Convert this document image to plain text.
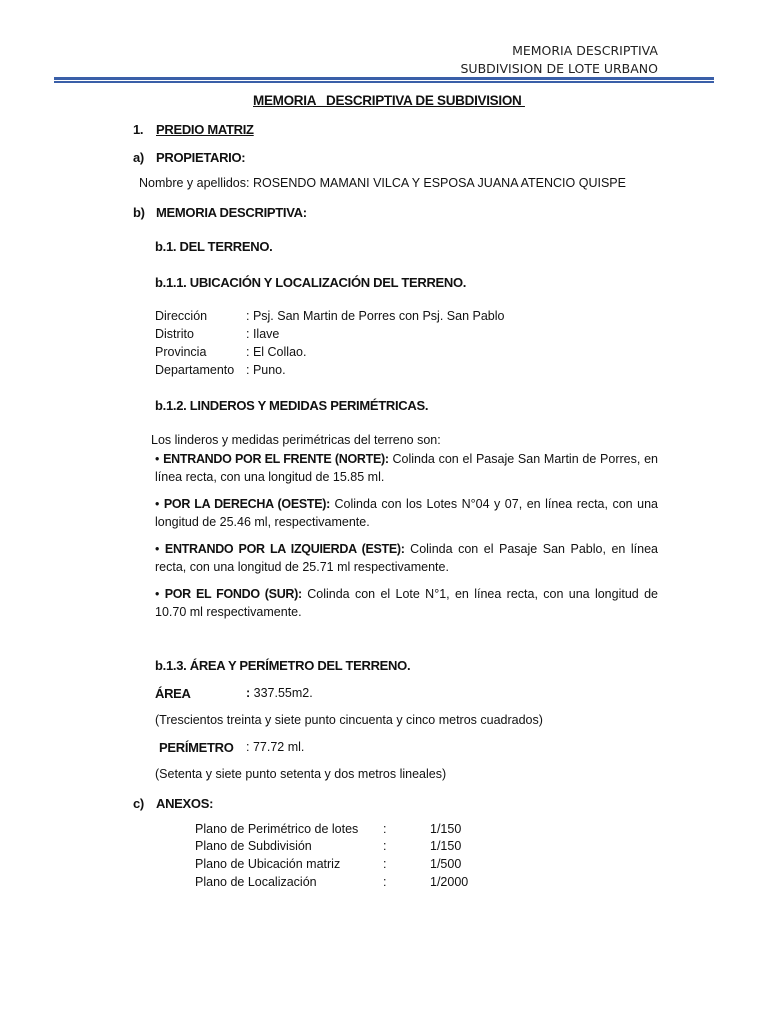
MEMORIA DESCRIPTIVA
SUBDIVISION DE LOTE URBANO
MEMORIA   DESCRIPTIVA DE SUBDIVISION
1. PREDIO MATRIZ
a) PROPIETARIO:
Nombre y apellidos: ROSENDO MAMANI VILCA Y ESPOSA JUANA ATENCIO QUISPE
b) MEMORIA DESCRIPTIVA:
b.1. DEL TERRENO.
b.1.1. UBICACIÓN Y LOCALIZACIÓN DEL TERRENO.
Dirección	: Psj. San Martin de Porres con Psj. San Pablo
Distrito	: Ilave
Provincia	: El Collao.
Departamento : Puno.
b.1.2. LINDEROS Y MEDIDAS PERIMÉTRICAS.
Los linderos y medidas perimétricas del terreno son:
• ENTRANDO POR EL FRENTE (NORTE): Colinda con el Pasaje San Martin de Porres, en línea recta, con una longitud de 15.85 ml.
• POR LA DERECHA (OESTE): Colinda con los Lotes N°04 y 07, en línea recta, con una longitud de 25.46 ml, respectivamente.
• ENTRANDO POR LA IZQUIERDA (ESTE): Colinda con el Pasaje San Pablo, en línea recta, con una longitud de 25.71 ml respectivamente.
• POR EL FONDO (SUR): Colinda con el Lote N°1, en línea recta, con una longitud de 10.70 ml respectivamente.
b.1.3. ÁREA Y PERÍMETRO DEL TERRENO.
ÁREA	: 337.55m2.
(Trescientos treinta y siete punto cincuenta y cinco metros cuadrados)
PERÍMETRO : 77.72 ml.
(Setenta y siete punto setenta y dos metros lineales)
c) ANEXOS:
Plano de Perimétrico de lotes :	1/150
Plano de Subdivisión	:	1/150
Plano de Ubicación matriz	:	1/500
Plano de Localización	:	1/2000
